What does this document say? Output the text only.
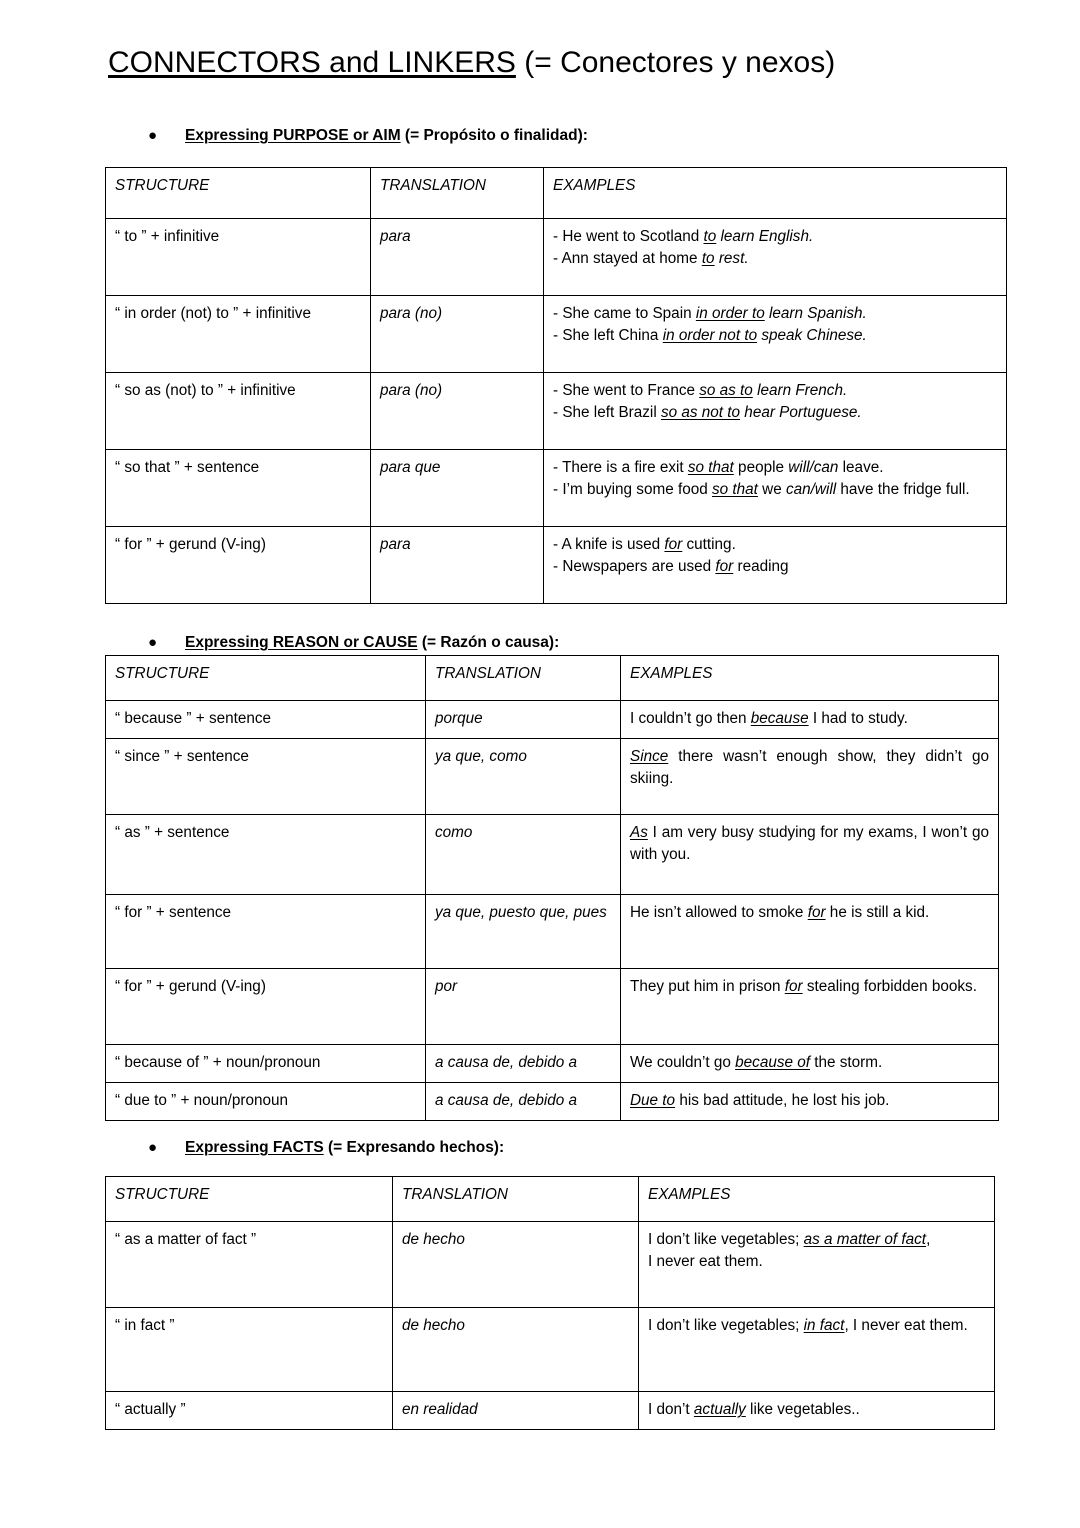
CONNECTORS and LINKERS (= Conectores y nexos)
● Expressing PURPOSE or AIM (= Propósito o finalidad):
STRUCTURE	TRANSLATION	EXAMPLES
“ to ” + infinitive	para	- He went to Scotland to learn English.
- Ann stayed at home to rest.

“ in order (not) to ” + infinitive	para (no)	- She came to Spain in order to learn Spanish.
- She left China in order not to speak Chinese.

“ so as (not) to ” + infinitive	para (no)	- She went to France so as to learn French.
- She left Brazil so as not to hear Portuguese.

“ so that ” + sentence	para que	- There is a fire exit so that people will/can leave.
- I’m buying some food so that we can/will have the fridge full.

“ for ” + gerund (V-ing)	para	- A knife is used for cutting.
- Newspapers are used for reading
● Expressing REASON or CAUSE (= Razón o causa):
STRUCTURE	TRANSLATION	EXAMPLES
“ because ” + sentence	porque	I couldn’t go then because I had to study.
“ since ” + sentence	ya que, como	Since there wasn’t enough show, they didn’t go skiing.
“ as ” + sentence	como	As I am very busy studying for my exams, I won’t go with you.
“ for ” + sentence	ya que, puesto que, pues	He isn’t allowed to smoke for he is still a kid.
“ for ” + gerund (V-ing)	por	They put him in prison for stealing forbidden books.
“ because of ” + noun/pronoun	a causa de, debido a	We couldn’t go because of the storm.
“ due to ” + noun/pronoun	a causa de, debido a	Due to his bad attitude, he lost his job.
● Expressing FACTS (= Expresando hechos):
STRUCTURE	TRANSLATION	EXAMPLES
“ as a matter of fact ”	de hecho	I don’t like vegetables; as a matter of fact,
I never eat them.

“ in fact ”	de hecho	I don’t like vegetables; in fact, I never eat them.
“ actually ”	en realidad	I don’t actually like vegetables..
